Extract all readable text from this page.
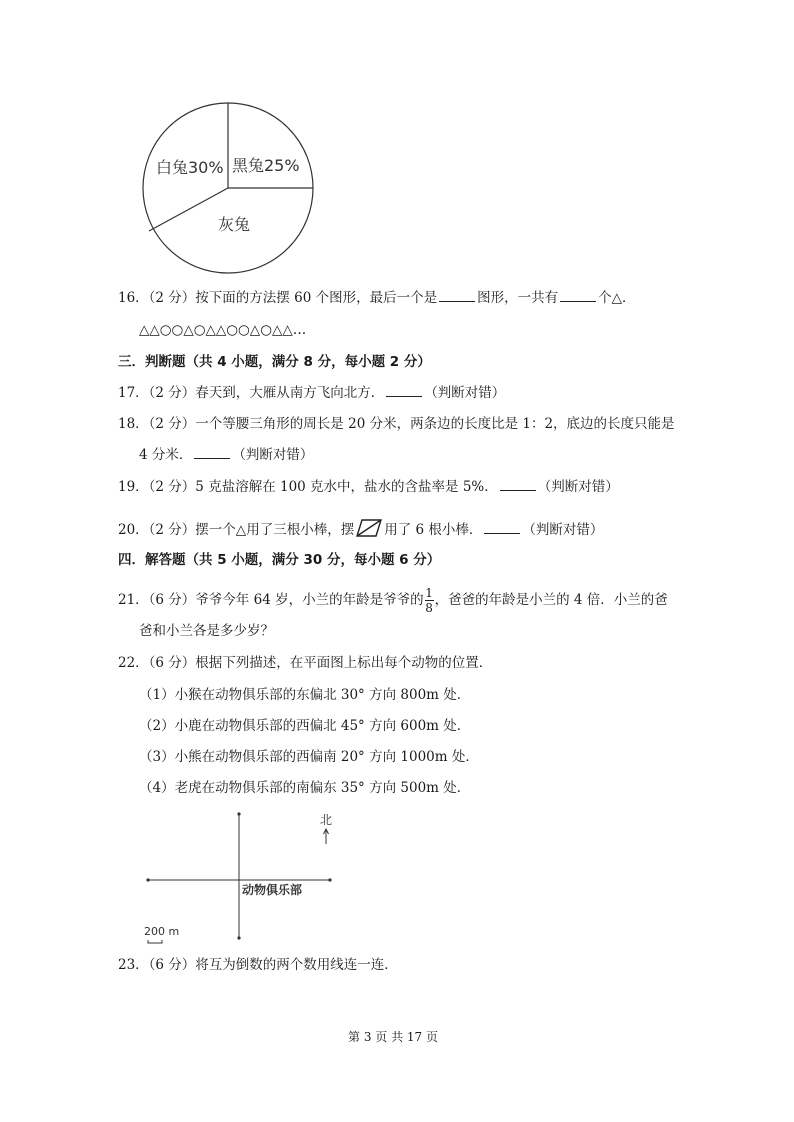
白兔30% 黑兔25%
灰兔
16．（2 分）按下面的方法摆 60 个图形，最后一个是	图形，一共有	个△．
△△○○△○△△○○△○△△…
三．判断题（共 4 小题，满分 8 分，每小题 2 分）
17．（2 分）春天到，大雁从南方飞向北方．	（判断对错）
18．（2 分）一个等腰三角形的周长是 20 分米，两条边的长度比是 1：2，底边的长度只能是
4 分米．	（判断对错）
19．（2 分）5 克盐溶解在 100 克水中，盐水的含盐率是 5%．	（判断对错）
20．（2 分）摆一个△用了三根小棒，摆 用了 6 根小棒．	（判断对错）
四．解答题（共 5 小题，满分 30 分，每小题 6 分）
21．（6 分）爷爷今年 64 岁，小兰的年龄是爷爷的 $\frac{1}{8}$ ，爸爸的年龄是小兰的 4 倍．小兰的爸
爸和小兰各是多少岁？
22．（6 分）根据下列描述，在平面图上标出每个动物的位置．
（1）小猴在动物俱乐部的东偏北 30° 方向 800m 处．
（2）小鹿在动物俱乐部的西偏北 45° 方向 600m 处．
（3）小熊在动物俱乐部的西偏南 20° 方向 1000m 处．
（4）老虎在动物俱乐部的南偏东 35° 方向 500m 处．
北
动物俱乐部
200 m
23．（6 分）将互为倒数的两个数用线连一连．
第 3 页 共 17 页
